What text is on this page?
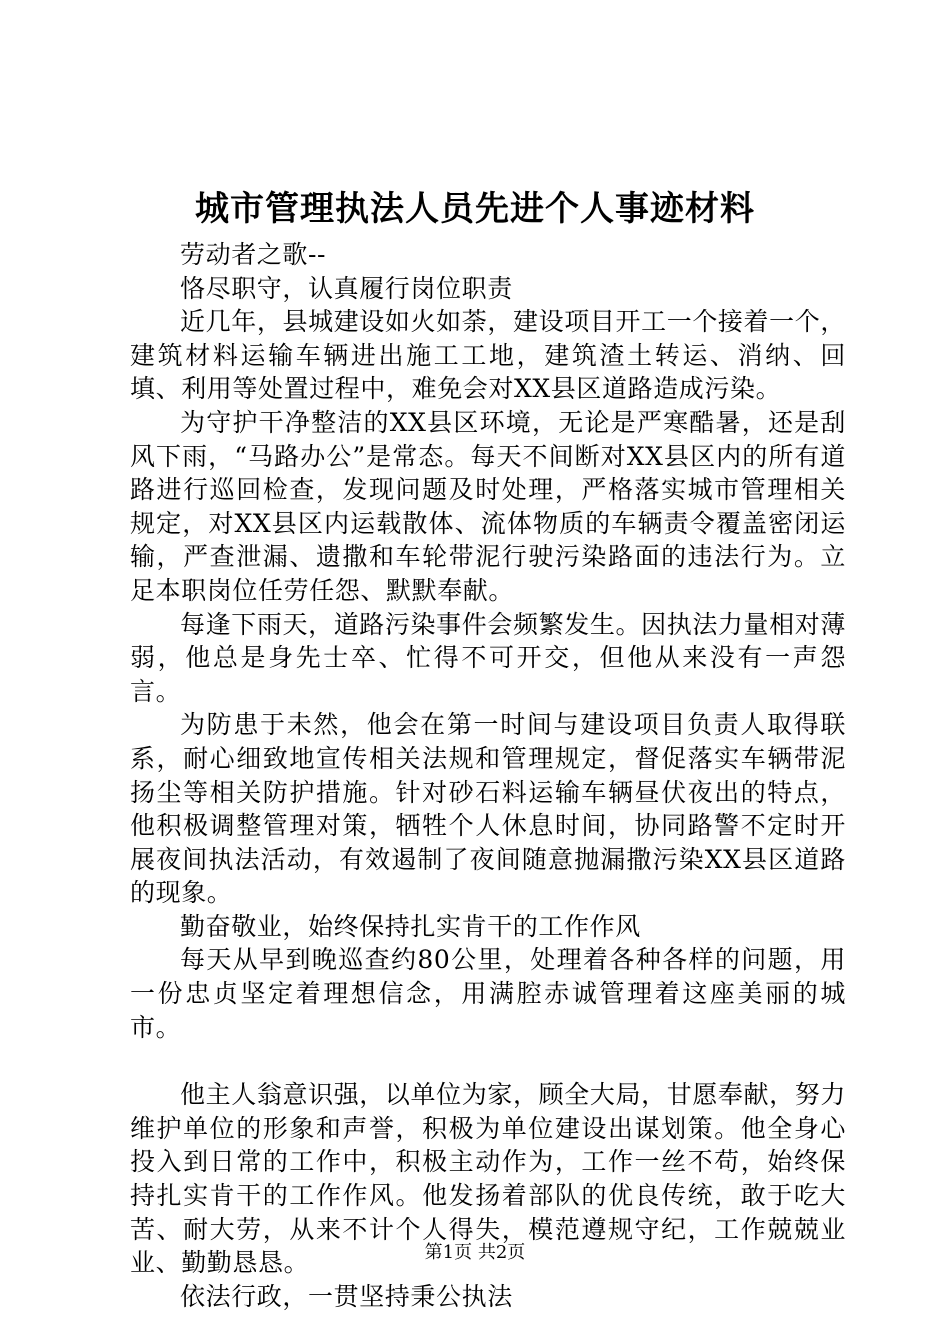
城市管理执法人员先进个人事迹材料

劳动者之歌--

恪尽职守，认真履行岗位职责

近几年，县城建设如火如荼，建设项目开工一个接着一个，建筑材料运输车辆进出施工工地，建筑渣土转运、消纳、回填、利用等处置过程中，难免会对XX县区道路造成污染。

为守护干净整洁的XX县区环境，无论是严寒酷暑，还是刮风下雨，“马路办公”是常态。每天不间断对XX县区内的所有道路进行巡回检查，发现问题及时处理，严格落实城市管理相关规定，对XX县区内运载散体、流体物质的车辆责令覆盖密闭运输，严查泄漏、遗撒和车轮带泥行驶污染路面的违法行为。立足本职岗位任劳任怨、默默奉献。

每逢下雨天，道路污染事件会频繁发生。因执法力量相对薄弱，他总是身先士卒、忙得不可开交，但他从来没有一声怨言。

为防患于未然，他会在第一时间与建设项目负责人取得联系，耐心细致地宣传相关法规和管理规定，督促落实车辆带泥扬尘等相关防护措施。针对砂石料运输车辆昼伏夜出的特点，他积极调整管理对策，牺牲个人休息时间，协同路警不定时开展夜间执法活动，有效遏制了夜间随意抛漏撒污染XX县区道路的现象。

勤奋敬业，始终保持扎实肯干的工作作风

每天从早到晚巡查约80公里，处理着各种各样的问题，用一份忠贞坚定着理想信念，用满腔赤诚管理着这座美丽的城市。

他主人翁意识强，以单位为家，顾全大局，甘愿奉献，努力维护单位的形象和声誉，积极为单位建设出谋划策。他全身心投入到日常的工作中，积极主动作为，工作一丝不苟，始终保持扎实肯干的工作作风。他发扬着部队的优良传统，敢于吃大苦、耐大劳，从来不计个人得失，模范遵规守纪，工作兢兢业业、勤勤恳恳。

依法行政，一贯坚持秉公执法

第1页 共2页
